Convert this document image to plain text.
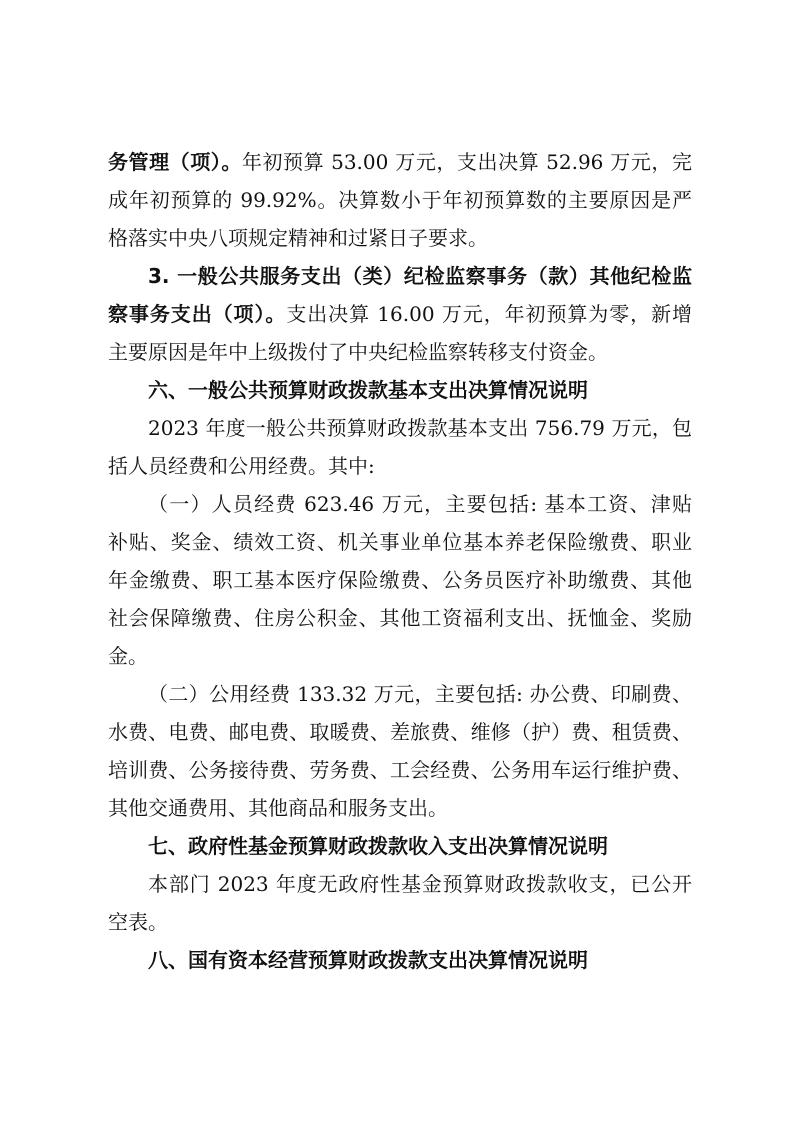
务管理（项）。年初预算 53.00 万元，支出决算 52.96 万元，完
成年初预算的 99.92%。决算数小于年初预算数的主要原因是严
格落实中央八项规定精神和过紧日子要求。
3. 一般公共服务支出（类）纪检监察事务（款）其他纪检监
察事务支出（项）。支出决算 16.00 万元，年初预算为零，新增
主要原因是年中上级拨付了中央纪检监察转移支付资金。
六、一般公共预算财政拨款基本支出决算情况说明
2023 年度一般公共预算财政拨款基本支出 756.79 万元，包
括人员经费和公用经费。其中:
（一）人员经费 623.46 万元，主要包括: 基本工资、津贴
补贴、奖金、绩效工资、机关事业单位基本养老保险缴费、职业
年金缴费、职工基本医疗保险缴费、公务员医疗补助缴费、其他
社会保障缴费、住房公积金、其他工资福利支出、抚恤金、奖励
金。
（二）公用经费 133.32 万元，主要包括: 办公费、印刷费、
水费、电费、邮电费、取暖费、差旅费、维修（护）费、租赁费、
培训费、公务接待费、劳务费、工会经费、公务用车运行维护费、
其他交通费用、其他商品和服务支出。
七、政府性基金预算财政拨款收入支出决算情况说明
本部门 2023 年度无政府性基金预算财政拨款收支，已公开
空表。
八、国有资本经营预算财政拨款支出决算情况说明
